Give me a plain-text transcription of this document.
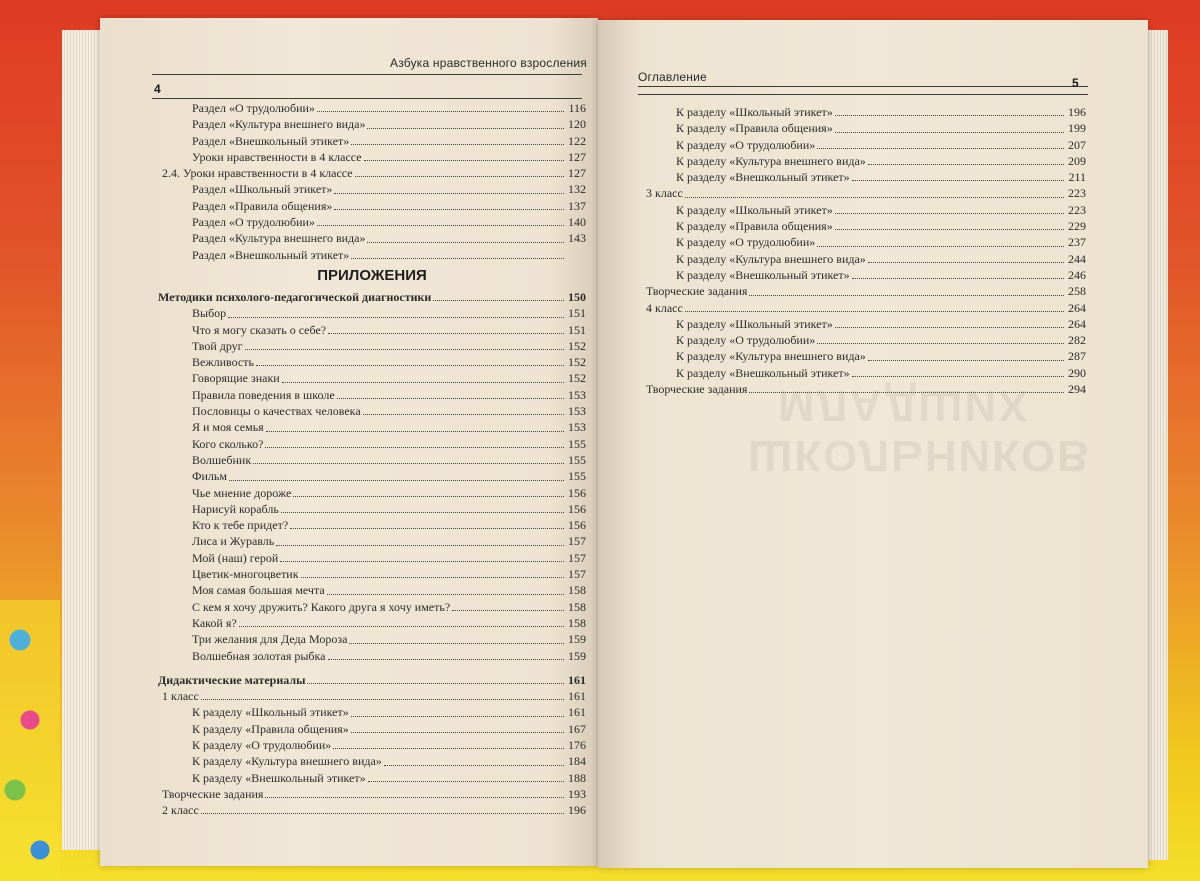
Азбука нравственного взросления
4
Раздел «О трудолюбии»	116
Раздел «Культура внешнего вида»	120
Раздел «Внешкольный этикет»	122
Уроки нравственности в 4 классе	127
2.4. Уроки нравственности в 4 классе	127
Раздел «Школьный этикет»	132
Раздел «Правила общения»	137
Раздел «О трудолюбии»	140
Раздел «Культура внешнего вида»	143
Раздел «Внешкольный этикет»
ПРИЛОЖЕНИЯ
Методики психолого-педагогической диагностики	150
Выбор	151
Что я могу сказать о себе?	151
Твой друг	152
Вежливость	152
Говорящие знаки	152
Правила поведения в школе	153
Пословицы о качествах человека	153
Я и моя семья	153
Кого сколько?	155
Волшебник	155
Фильм	155
Чье мнение дороже	156
Нарисуй корабль	156
Кто к тебе придет?	156
Лиса и Журавль	157
Мой (наш) герой	157
Цветик-многоцветик	157
Моя самая большая мечта	158
С кем я хочу дружить? Какого друга я хочу иметь?	158
Какой я?	158
Три желания для Деда Мороза	159
Волшебная золотая рыбка	159
Дидактические материалы	161
1 класс	161
К разделу «Школьный этикет»	161
К разделу «Правила общения»	167
К разделу «О трудолюбии»	176
К разделу «Культура внешнего вида»	184
К разделу «Внешкольный этикет»	188
Творческие задания	193
2 класс	196
МЛАДШИХ
ШКОЛЬНИКОВ
Оглавление	5
К разделу «Школьный этикет»	196
К разделу «Правила общения»	199
К разделу «О трудолюбии»	207
К разделу «Культура внешнего вида»	209
К разделу «Внешкольный этикет»	211
3 класс	223
К разделу «Школьный этикет»	223
К разделу «Правила общения»	229
К разделу «О трудолюбии»	237
К разделу «Культура внешнего вида»	244
К разделу «Внешкольный этикет»	246
Творческие задания	258
4 класс	264
К разделу «Школьный этикет»	264
К разделу «О трудолюбии»	282
К разделу «Культура внешнего вида»	287
К разделу «Внешкольный этикет»	290
Творческие задания	294
